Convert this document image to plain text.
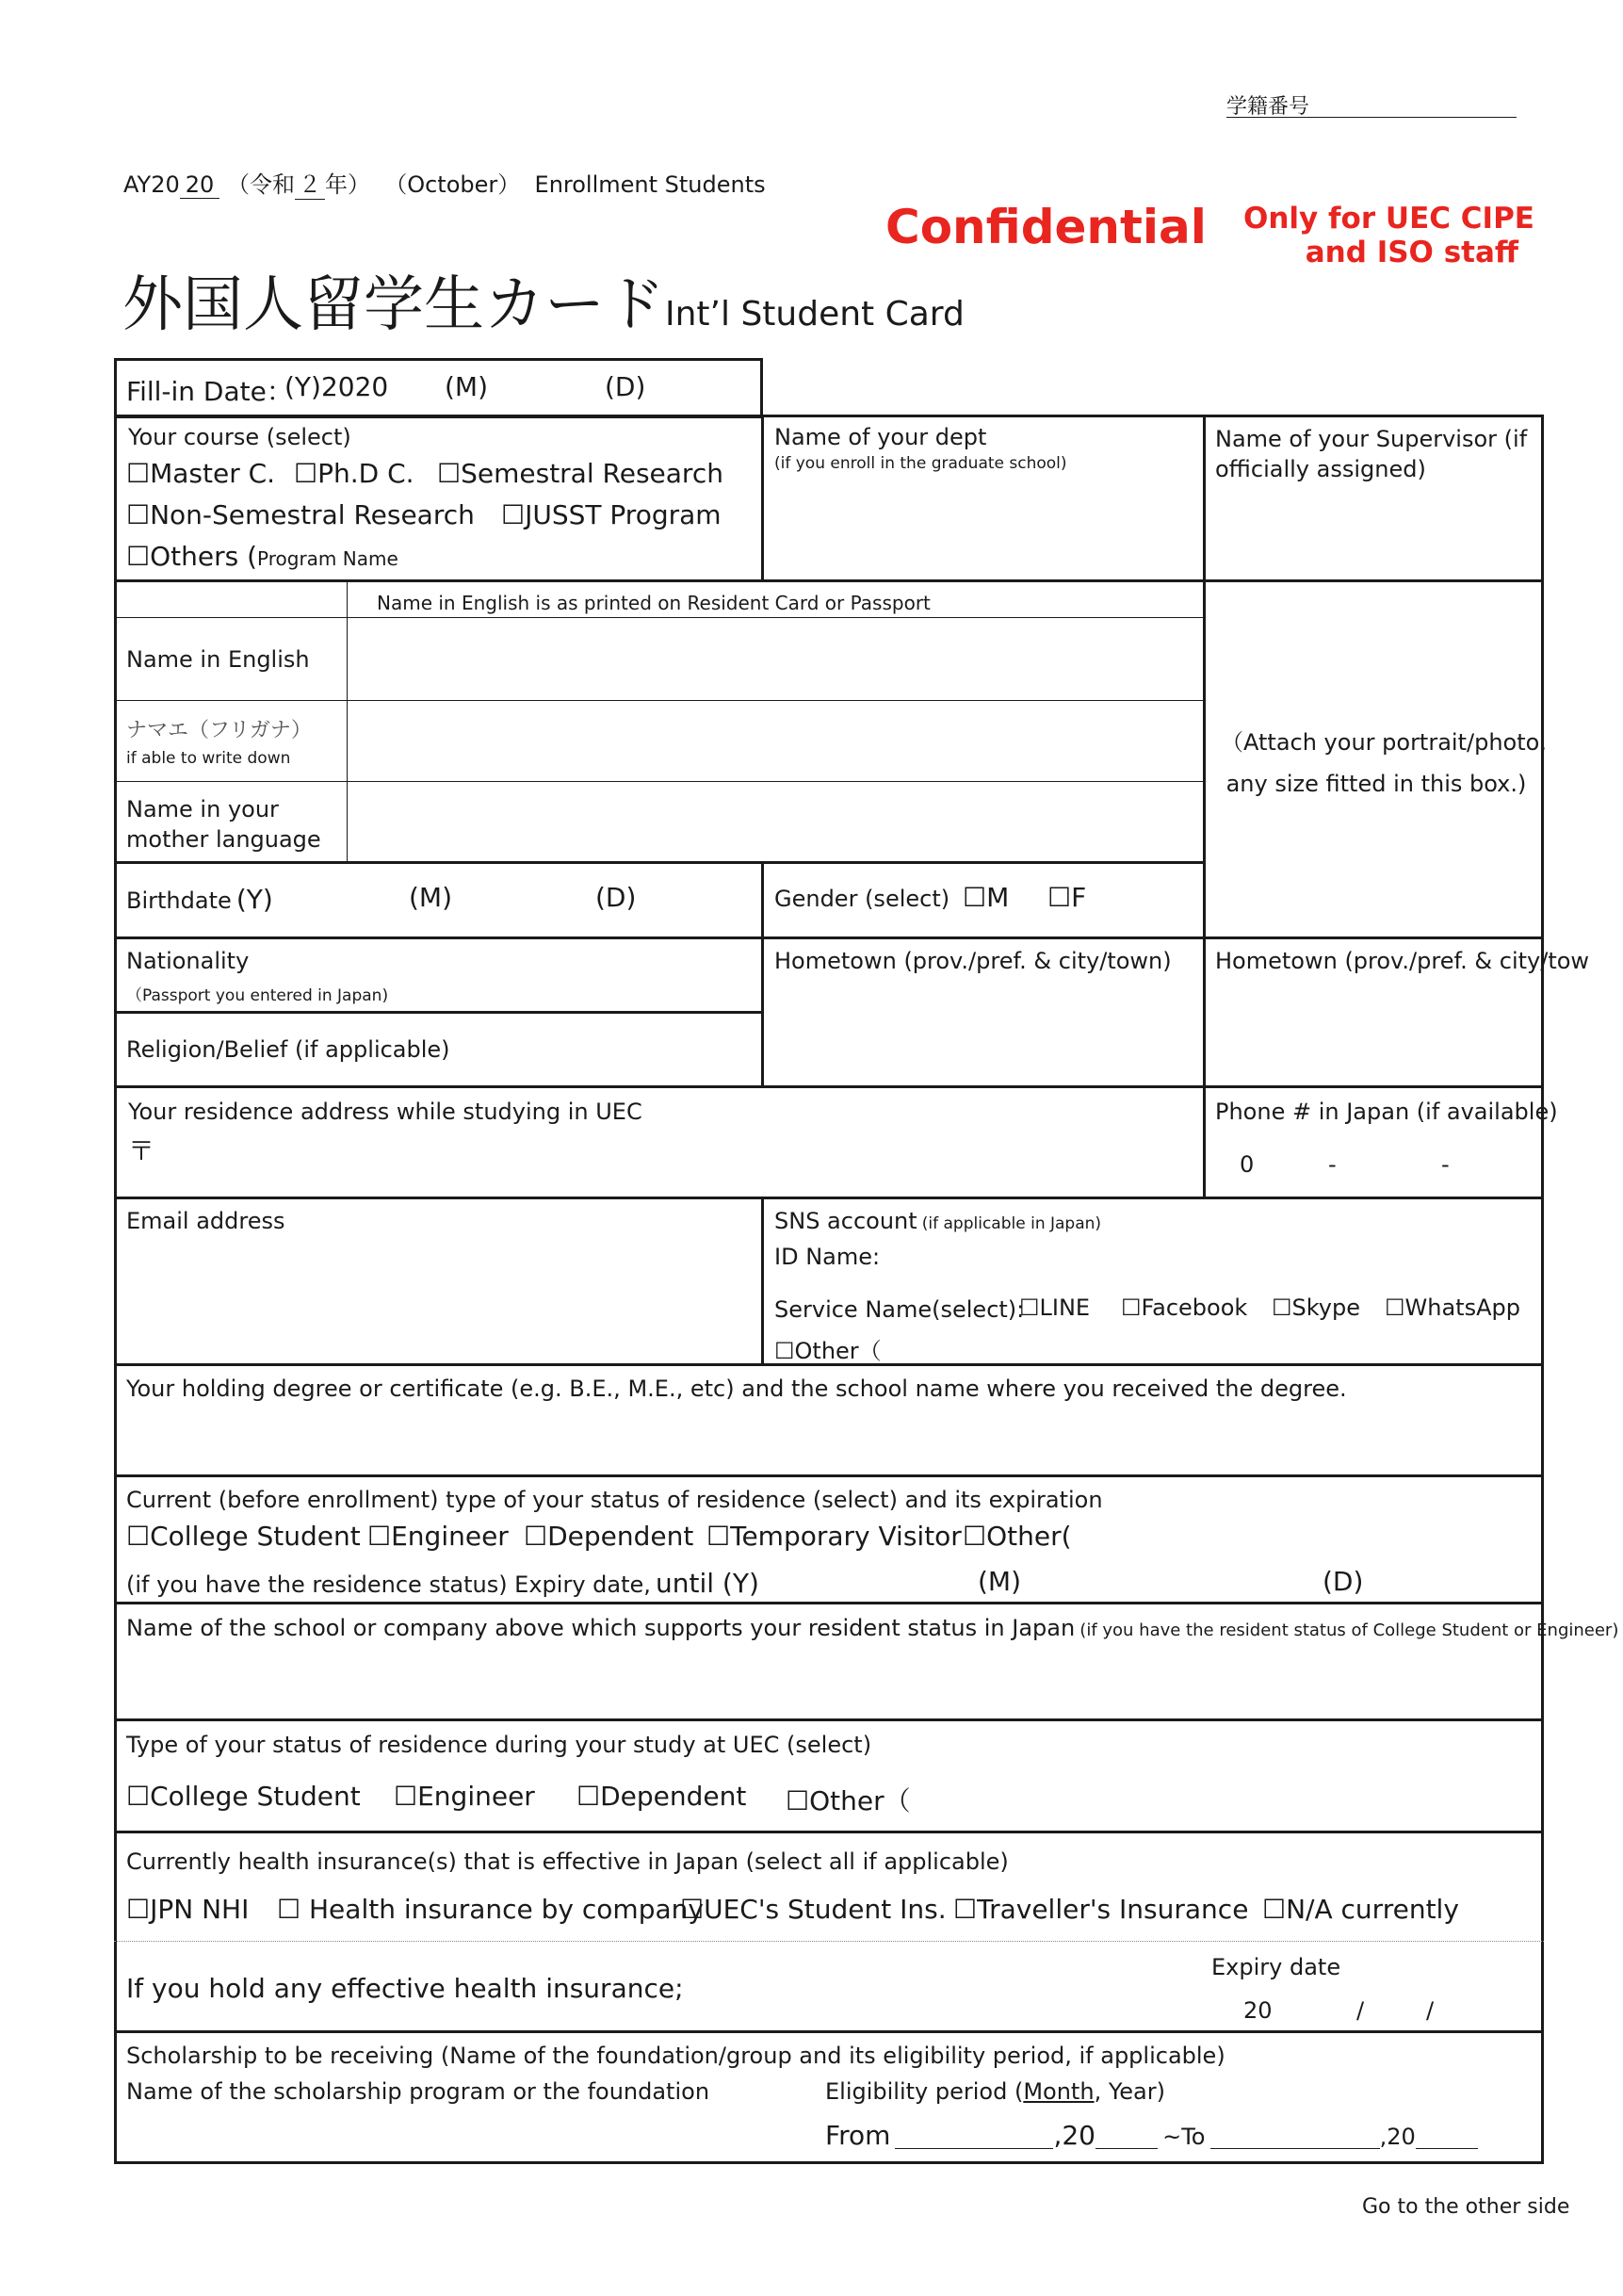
学籍番号
AY20 20 （令和 ２ 年） （October） Enrollment Students
Confidential Only for UEC CIPE
and ISO staff
外国人留学生カードInt’l Student Card
Fill-in Date：
(Y)2020 (M)	(D)
Your course (select)
☐Master C. ☐Ph.D C. ☐Semestral Research
☐Non-Semestral Research ☐JUSST Program
☐Others (Program Name
Name of your dept
(if you enroll in the graduate school)
Name of your Supervisor (if
officially assigned)
Name in English is as printed on Resident Card or Passport
Name in English
ナマエ（フリガナ）
if able to write down
Name in your
mother language
（Attach your portrait/photo,
any size fitted in this box.)
Birthdate (Y)	(M)	(D)	Gender (select) ☐M ☐F
Nationality
（Passport you entered in Japan)
Religion/Belief (if applicable)
Hometown (prov./pref. & city/town) Hometown (prov./pref. & city/tow
Your residence address while studying in UEC
〒
Phone # in Japan (if available)
0	-	-
Email address	SNS account (if applicable in Japan)
ID Name:
Service Name(select):
☐LINE ☐Facebook ☐Skype ☐WhatsApp
☐Other（
Your holding degree or certificate (e.g. B.E., M.E., etc) and the school name where you received the degree.
Current (before enrollment) type of your status of residence (select) and its expiration
☐College Student ☐Engineer ☐Dependent ☐Temporary Visitor ☐Other(
(if you have the residence status) Expiry date, until (Y)	(M)	(D)
Name of the school or company above which supports your resident status in Japan (if you have the resident status of College Student or Engineer)
Type of your status of residence during your study at UEC (select)
☐College Student ☐Engineer ☐Dependent ☐Other（
Currently health insurance(s) that is effective in Japan (select all if applicable)
☐JPN NHI ☐ Health insurance by company
☐UEC's Student Ins. ☐Traveller's Insurance ☐N/A currently
If you hold any effective health insurance;
Expiry date
20	/	/
Scholarship to be receiving (Name of the foundation/group and its eligibility period, if applicable)
Name of the scholarship program or the foundation	Eligibility period (Month, Year)
From	,20	~To	,20
Go to the other side
